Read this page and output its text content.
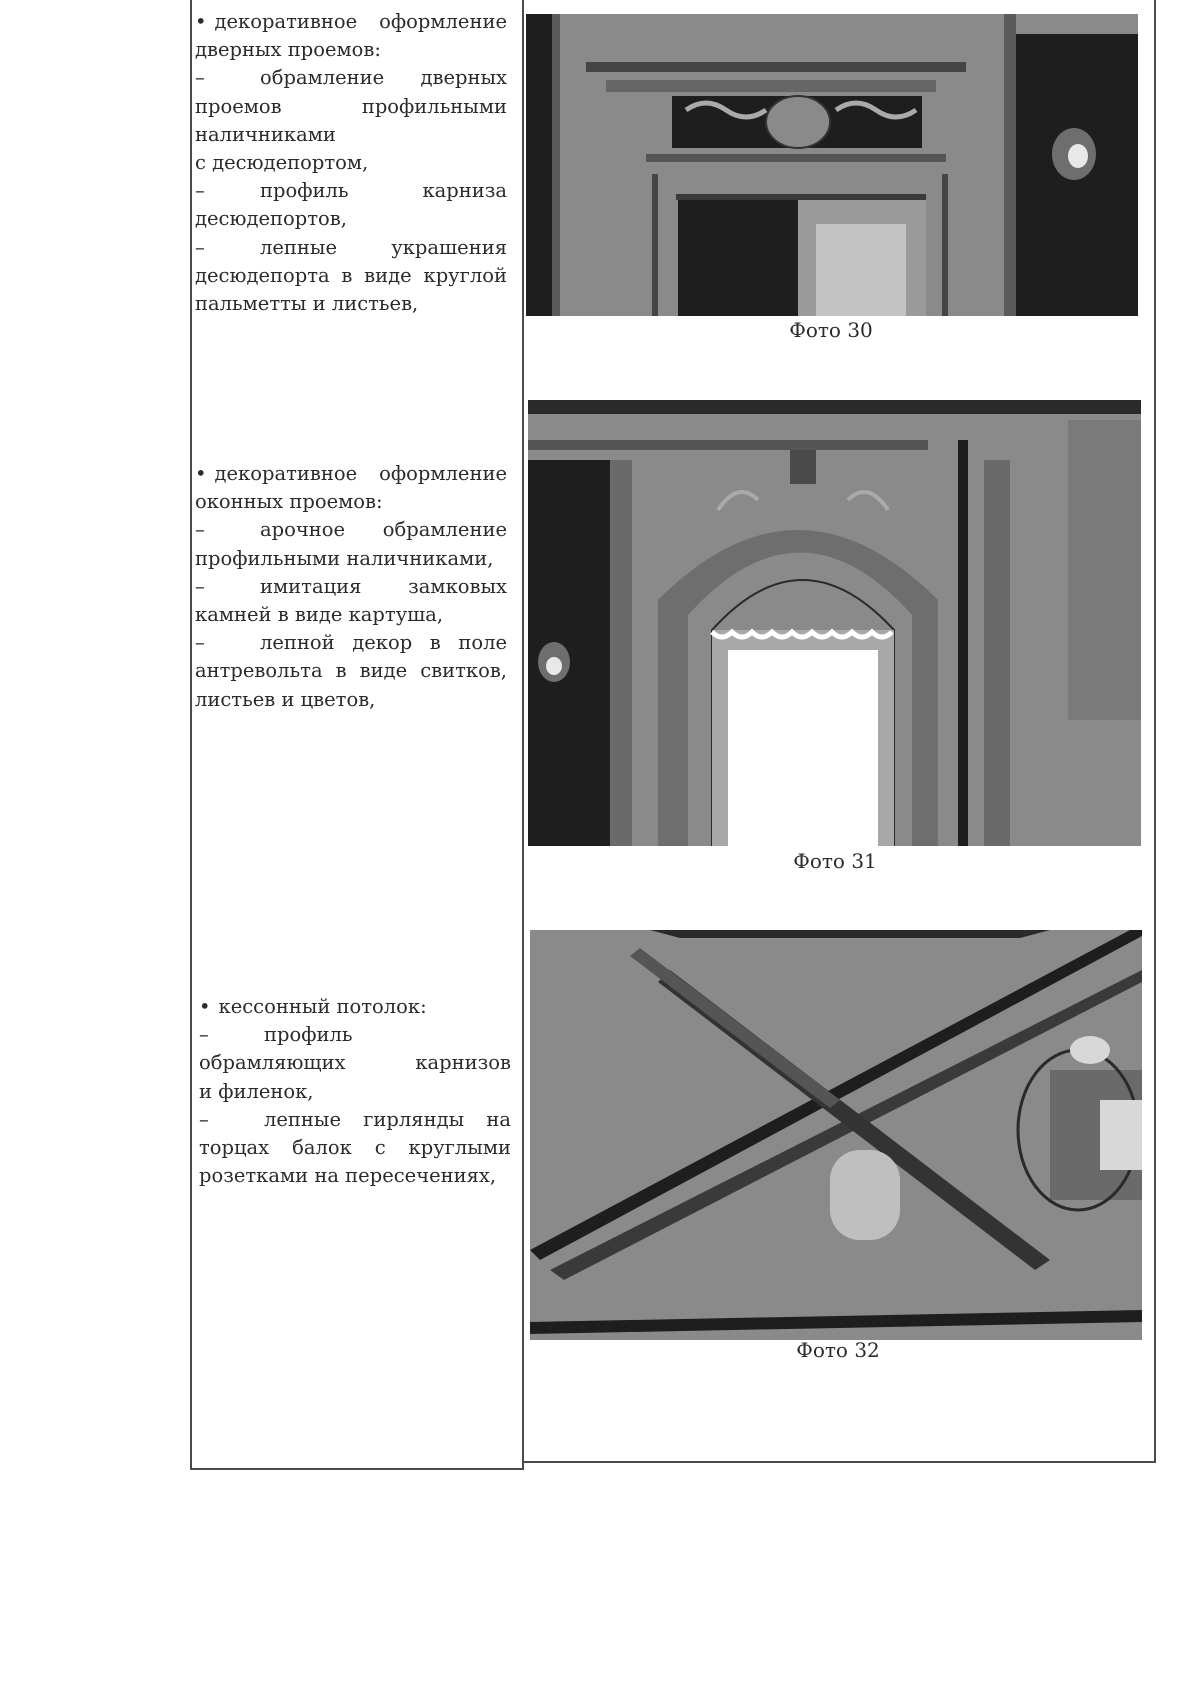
• декоративное оформление

дверных проемов:

–	обрамление дверных

проемов профильными

наличниками

с десюдепортом,

–	профиль карниза

десюдепортов,

–	лепные украшения

десюдепорта в виде круглой

пальметты и листьев,

• декоративное оформление

оконных проемов:

–	арочное обрамление

профильными наличниками,

–	имитация замковых

камней в виде картуша,

–	лепной декор в поле

антревольта в виде свитков,

листьев и цветов,

• кессонный потолок:

–	профиль

обрамляющих карнизов

и филенок,

–	лепные гирлянды на

торцах балок с круглыми

розетками на пересечениях,

Фото 30
Фото 31
Фото 32
